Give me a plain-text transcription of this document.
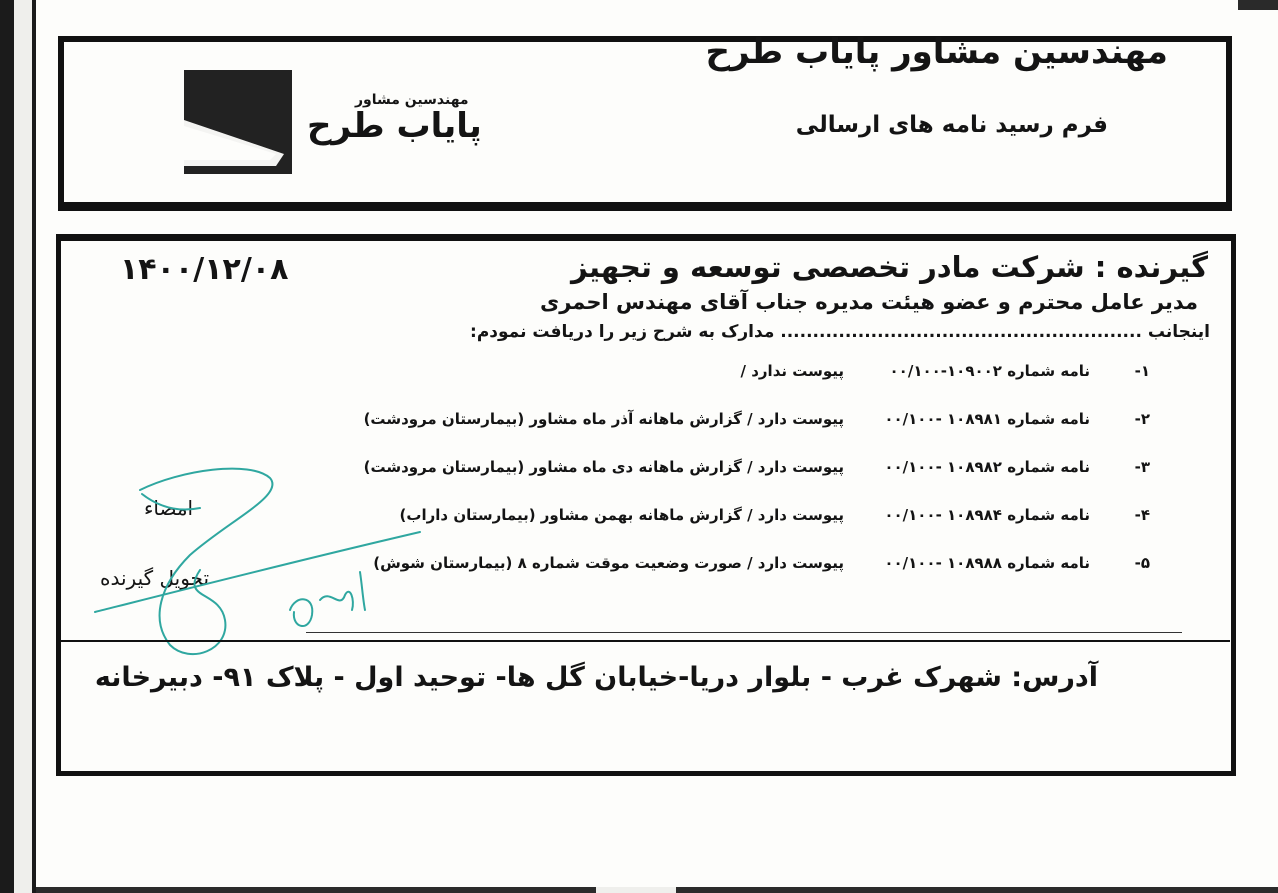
مهندسین مشاور پایاب طرح
فرم رسید نامه های ارسالی
مهندسین مشاور
پایاب طرح
۱۴۰۰/۱۲/۰۸	گیرنده : شرکت مادر تخصصی توسعه و تجهیز
مدیر عامل محترم و عضو هیئت مدیره جناب آقای مهندس احمری
اینجانب ........................................................ مدارک به شرح زیر را دریافت نمودم:
۱-
نامه شماره ۱۰۹۰۰۲-۰۰/۱۰۰
پیوست ندارد /
۲-
نامه شماره ۱۰۸۹۸۱ -۰۰/۱۰۰
پیوست دارد / گزارش ماهانه آذر ماه مشاور (بیمارستان مرودشت)
۳-
نامه شماره ۱۰۸۹۸۲ -۰۰/۱۰۰
پیوست دارد / گزارش ماهانه دی ماه مشاور (بیمارستان مرودشت)
۴-
نامه شماره ۱۰۸۹۸۴ -۰۰/۱۰۰
پیوست دارد / گزارش ماهانه بهمن مشاور (بیمارستان داراب)
۵-
نامه شماره ۱۰۸۹۸۸ -۰۰/۱۰۰
پیوست دارد / صورت وضعیت موقت شماره ۸ (بیمارستان شوش)
امضاء
تحویل گیرنده
آدرس: شهرک غرب - بلوار دریا-خیابان گل ها- توحید اول - پلاک ۹۱- دبیرخانه
